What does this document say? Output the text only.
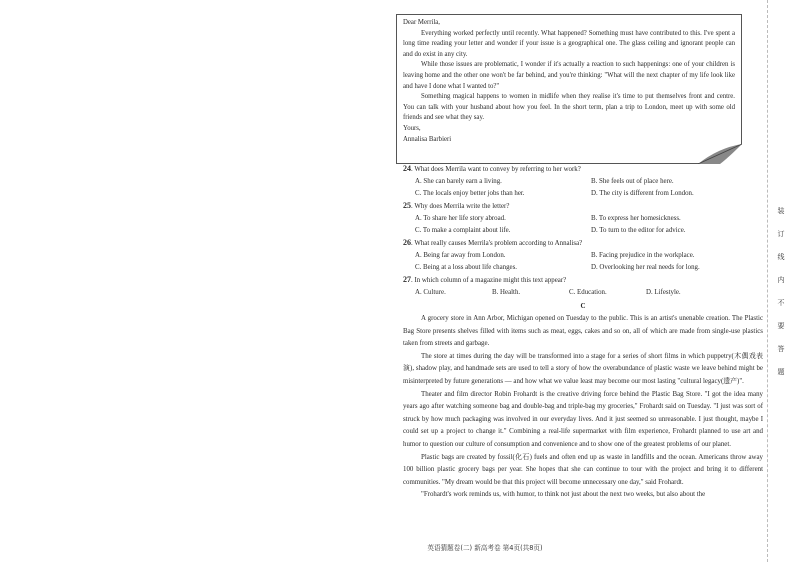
Dear Merrila,

Everything worked perfectly until recently. What happened? Something must have contributed to this. I've spent a long time reading your letter and wonder if your issue is a geographical one. The glass ceiling and ignorant people can and do exist in any city.

While those issues are problematic, I wonder if it's actually a reaction to such happenings: one of your children is leaving home and the other one won't be far behind, and you're thinking: "What will the next chapter of my life look like and have I done what I wanted to?"

Something magical happens to women in midlife when they realise it's time to put themselves front and centre. You can talk with your husband about how you feel. In the short term, plan a trip to London, meet up with some old friends and see what they say.

Yours,

Annalisa Barbieri

24. What does Merrila want to convey by referring to her work?

A. She can barely earn a living.	B. She feels out of place here.
C. The locals enjoy better jobs than her.	D. The city is different from London.

25. Why does Merrila write the letter?

A. To share her life story abroad.	B. To express her homesickness.
C. To make a complaint about life.	D. To turn to the editor for advice.

26. What really causes Merrila's problem according to Annalisa?

A. Being far away from London.	B. Facing prejudice in the workplace.
C. Being at a loss about life changes.	D. Overlooking her real needs for long.

27. In which column of a magazine might this text appear?

A. Culture.	B. Health.	C. Education.	D. Lifestyle.
C

A grocery store in Ann Arbor, Michigan opened on Tuesday to the public. This is an artist's unenable creation. The Plastic Bag Store presents shelves filled with items such as meat, eggs, cakes and so on, all of which are made from single-use plastics taken from streets and garbage.

The store at times during the day will be transformed into a stage for a series of short films in which puppetry(木偶戏表演), shadow play, and handmade sets are used to tell a story of how the overabundance of plastic waste we leave behind might be misinterpreted by future generations — and how what we value least may become our most lasting "cultural legacy(遗产)".

Theater and film director Robin Frohardt is the creative driving force behind the Plastic Bag Store. "I got the idea many years ago after watching someone bag and double-bag and triple-bag my groceries," Frohardt said on Tuesday. "I just was sort of struck by how much packaging was involved in our everyday lives. And it just seemed so unreasonable. I just thought, maybe I could set up a project to change it." Combining a real-life supermarket with film experience, Frohardt planned to use art and humor to question our culture of consumption and convenience and to show one of the greatest problems of our planet.

Plastic bags are created by fossil(化石) fuels and often end up as waste in landfills and the ocean. Americans throw away 100 billion plastic grocery bags per year. She hopes that she can continue to tour with the project and bring it to different communities. "My dream would be that this project will become unnecessary one day," said Frohardt.

"Frohardt's work reminds us, with humor, to think not just about the next two weeks, but also about the

装
订
线
内
不
要
答
题
英语猜题卷(二) 新高考卷 第4页(共8页)
